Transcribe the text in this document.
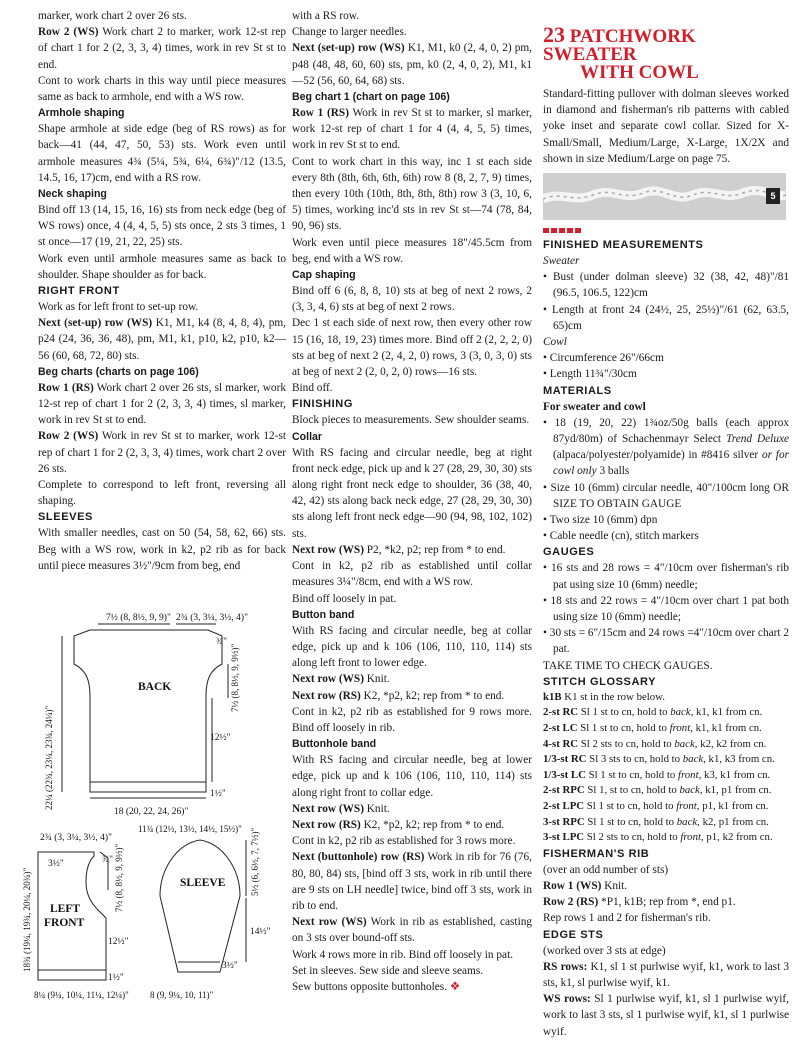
marker, work chart 2 over 26 sts.

Row 2 (WS) Work chart 2 to marker, work 12-st rep of chart 1 for 2 (2, 3, 3, 4) times, work in rev St st to end.

Cont to work charts in this way until piece measures same as back to armhole, end with a WS row.

Armhole shaping

Shape armhole at side edge (beg of RS rows) as for back—41 (44, 47, 50, 53) sts. Work even until armhole measures 4¾ (5¼, 5¾, 6¼, 6¾)"/12 (13.5, 14.5, 16, 17)cm, end with a RS row.

Neck shaping

Bind off 13 (14, 15, 16, 16) sts from neck edge (beg of WS rows) once, 4 (4, 4, 5, 5) sts once, 2 sts 3 times, 1 st once—17 (19, 21, 22, 25) sts.

Work even until armhole measures same as back to shoulder. Shape shoulder as for back.

RIGHT FRONT

Work as for left front to set-up row.

Next (set-up) row (WS) K1, M1, k4 (8, 4, 8, 4), pm, p24 (24, 36, 36, 48), pm, M1, k1, p10, k2, p10, k2—56 (60, 68, 72, 80) sts.

Beg charts (charts on page 106)

Row 1 (RS) Work chart 2 over 26 sts, sl marker, work 12-st rep of chart 1 for 2 (2, 3, 3, 4) times, sl marker, work in rev St st to end.

Row 2 (WS) Work in rev St st to marker, work 12-st rep of chart 1 for 2 (2, 3, 3, 4) times, work chart 2 over 26 sts.

Complete to correspond to left front, reversing all shaping.

SLEEVES

With smaller needles, cast on 50 (54, 58, 62, 66) sts. Beg with a WS row, work in k2, p2 rib as for back until piece measures 3½"/9cm from beg, end

7½ (8, 8½, 9, 9)" 2¾ (3, 3¼, 3½, 4)"
¾"
BACK
12½"
1½"
18 (20, 22, 24, 26)"
22¼ (22¾, 23¼, 23¾, 24¼)"
7½ (8, 8½, 9, 9½)"
2¾ (3, 3¼, 3½, 4)"
3½"	¾"
LEFT
FRONT
12½"
1½"
8¼ (9¼, 10¼, 11¼, 12¼)"
18¾ (19¼, 19¾, 20¼, 20¾)"	7½ (8, 8½, 9, 9½)"
11¾ (12½, 13½, 14½, 15½)"
SLEEVE	5½ (6, 6½, 7, 7½)"
14½"
3½"
8 (9, 9¼, 10, 11)"

with a RS row.

Change to larger needles.

Next (set-up) row (WS) K1, M1, k0 (2, 4, 0, 2) pm, p48 (48, 48, 60, 60) sts, pm, k0 (2, 4, 0, 2), M1, k1—52 (56, 60, 64, 68) sts.

Beg chart 1 (chart on page 106)

Row 1 (RS) Work in rev St st to marker, sl marker, work 12-st rep of chart 1 for 4 (4, 4, 5, 5) times, work in rev St st to end.

Cont to work chart in this way, inc 1 st each side every 8th (8th, 6th, 6th, 6th) row 8 (8, 2, 7, 9) times, then every 10th (10th, 8th, 8th, 8th) row 3 (3, 10, 6, 5) times, working inc'd sts in rev St st—74 (78, 84, 90, 96) sts.

Work even until piece measures 18"/45.5cm from beg, end with a WS row.

Cap shaping

Bind off 6 (6, 8, 8, 10) sts at beg of next 2 rows, 2 (3, 3, 4, 6) sts at beg of next 2 rows.

Dec 1 st each side of next row, then every other row 15 (16, 18, 19, 23) times more. Bind off 2 (2, 2, 2, 0) sts at beg of next 2 (2, 4, 2, 0) rows, 3 (3, 0, 3, 0) sts at beg of next 2 (2, 0, 2, 0) rows—16 sts.

Bind off.

FINISHING

Block pieces to measurements. Sew shoulder seams.

Collar

With RS facing and circular needle, beg at right front neck edge, pick up and k 27 (28, 29, 30, 30) sts along right front neck edge to shoulder, 36 (38, 40, 42, 42) sts along back neck edge, 27 (28, 29, 30, 30) sts along left front neck edge—90 (94, 98, 102, 102) sts.

Next row (WS) P2, *k2, p2; rep from * to end.

Cont in k2, p2 rib as established until collar measures 3¼"/8cm, end with a WS row.

Bind off loosely in pat.

Button band

With RS facing and circular needle, beg at collar edge, pick up and k 106 (106, 110, 110, 114) sts along left front to lower edge.

Next row (WS) Knit.

Next row (RS) K2, *p2, k2; rep from * to end.

Cont in k2, p2 rib as established for 9 rows more. Bind off loosely in rib.

Buttonhole band

With RS facing and circular needle, beg at lower edge, pick up and k 106 (106, 110, 110, 114) sts along right front to collar edge.

Next row (WS) Knit.

Next row (RS) K2, *p2, k2; rep from * to end.

Cont in k2, p2 rib as established for 3 rows more.

Next (buttonhole) row (RS) Work in rib for 76 (76, 80, 80, 84) sts, [bind off 3 sts, work in rib until there are 9 sts on LH needle] twice, bind off 3 sts, work in rib to end.

Next row (WS) Work in rib as established, casting on 3 sts over bound-off sts.

Work 4 rows more in rib. Bind off loosely in pat.

Set in sleeves. Sew side and sleeve seams.

Sew buttons opposite buttonholes. ❖

23 PATCHWORK SWEATER
WITH COWL

Standard-fitting pullover with dolman sleeves worked in diamond and fisherman's rib patterns with cabled yoke inset and separate cowl collar. Sized for X-Small/Small, Medium/Large, X-Large, 1X/2X and shown in size Medium/Large on page 75.

5

FINISHED MEASUREMENTS

Sweater

• Bust (under dolman sleeve) 32 (38, 42, 48)"/81 (96.5, 106.5, 122)cm

• Length at front 24 (24½, 25, 25½)"/61 (62, 63.5, 65)cm

Cowl

• Circumference 26"/66cm

• Length 11¾"/30cm

MATERIALS

For sweater and cowl

• 18 (19, 20, 22) 1¾oz/50g balls (each approx 87yd/80m) of Schachenmayr Select Trend Deluxe (alpaca/polyester/polyamide) in #8416 silver or for cowl only 3 balls

• Size 10 (6mm) circular needle, 40"/100cm long OR SIZE TO OBTAIN GAUGE

• Two size 10 (6mm) dpn

• Cable needle (cn), stitch markers

GAUGES

• 16 sts and 28 rows = 4"/10cm over fisherman's rib pat using size 10 (6mm) needle;

• 18 sts and 22 rows = 4"/10cm over chart 1 pat both using size 10 (6mm) needle;

• 30 sts = 6"/15cm and 24 rows =4"/10cm over chart 2 pat.

TAKE TIME TO CHECK GAUGES.

STITCH GLOSSARY

k1B K1 st in the row below.

2-st RC Sl 1 st to cn, hold to back, k1, k1 from cn.

2-st LC Sl 1 st to cn, hold to front, k1, k1 from cn.

4-st RC Sl 2 sts to cn, hold to back, k2, k2 from cn.

1/3-st RC Sl 3 sts to cn, hold to back, k1, k3 from cn.

1/3-st LC Sl 1 st to cn, hold to front, k3, k1 from cn.

2-st RPC Sl 1, st to cn, hold to back, k1, p1 from cn.

2-st LPC Sl 1 st to cn, hold to front, p1, k1 from cn.

3-st RPC Sl 1 st to cn, hold to back, k2, p1 from cn.

3-st LPC Sl 2 sts to cn, hold to front, p1, k2 from cn.

FISHERMAN'S RIB

(over an odd number of sts)

Row 1 (WS) Knit.

Row 2 (RS) *P1, k1B; rep from *, end p1.

Rep rows 1 and 2 for fisherman's rib.

EDGE STS

(worked over 3 sts at edge)

RS rows: K1, sl 1 st purlwise wyif, k1, work to last 3 sts, k1, sl purlwise wyif, k1.

WS rows: Sl 1 purlwise wyif, k1, sl 1 purlwise wyif, work to last 3 sts, sl 1 purlwise wyif, k1, sl 1 purlwise wyif.
